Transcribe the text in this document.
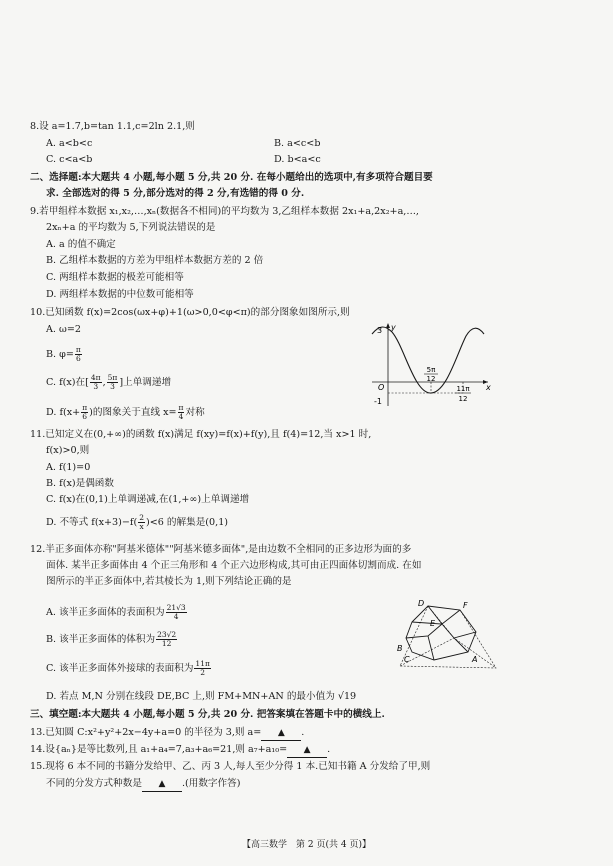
8.设 a=1.7,b=tan 1.1,c=2ln 2.1,则
A. a<b<c	B. a<c<b
C. c<a<b	D. b<a<c
二、选择题:本大题共 4 小题,每小题 5 分,共 20 分. 在每小题给出的选项中,有多项符合题目要
求. 全部选对的得 5 分,部分选对的得 2 分,有选错的得 0 分.
9.若甲组样本数据 x₁,x₂,…,xₙ(数据各不相同)的平均数为 3,乙组样本数据 2x₁+a,2x₂+a,…,
2xₙ+a 的平均数为 5,下列说法错误的是
A. a 的值不确定
B. 乙组样本数据的方差为甲组样本数据方差的 2 倍
C. 两组样本数据的极差可能相等
D. 两组样本数据的中位数可能相等
10.已知函数 f(x)=2cos(ωx+φ)+1(ω>0,0<φ<π)的部分图象如图所示,则
A. ω=2
B. $\varphi= \frac{\pi}{6}$
C. f(x)在[ $\frac{4\pi}{3}$ , $\frac{5\pi}{3}$ ]上单调递增
D. $f(x+ \frac{\pi}{6}$ )的图象关于直线 $x= \frac{\pi}{4}$ 对称
3 y
O
-1
x
5π
12
11π
12
11.已知定义在(0,+∞)的函数 f(x)满足 f(xy)=f(x)+f(y),且 f(4)=12,当 x>1 时,
f(x)>0,则
A. f(1)=0
B. f(x)是偶函数
C. f(x)在(0,1)上单调递减,在(1,+∞)上单调递增
D. 不等式 $f(x+3)-f( \frac{2}{x} )<6$ 的解集是(0,1)
12.半正多面体亦称"阿基米德体""阿基米德多面体",是由边数不全相同的正多边形为面的多
面体. 某半正多面体由 4 个正三角形和 4 个正六边形构成,其可由正四面体切割而成. 在如
图所示的半正多面体中,若其棱长为 1,则下列结论正确的是
A. 该半正多面体的表面积为 $\frac{21√3}{4}$
B. 该半正多面体的体积为 $\frac{23√2}{12}$
C. 该半正多面体外接球的表面积为 $\frac{11\pi}{2}$
D. 若点 M,N 分别在线段 DE,BC 上,则 FM+MN+AN 的最小值为 √19
D	F
E
B
C	A
三、填空题:本大题共 4 小题,每小题 5 分,共 20 分. 把答案填在答题卡中的横线上.
13.已知圆 C:x²+y²+2x−4y+a=0 的半径为 3,则 a= ▲ .
14.设{aₙ}是等比数列,且 a₁+a₄=7,a₃+a₆=21,则 a₇+a₁₀= ▲ .
15.现将 6 本不同的书籍分发给甲、乙、丙 3 人,每人至少分得 1 本.已知书籍 A 分发给了甲,则
不同的分发方式种数是 ▲ .(用数字作答)
【高三数学　第 2 页(共 4 页)】
